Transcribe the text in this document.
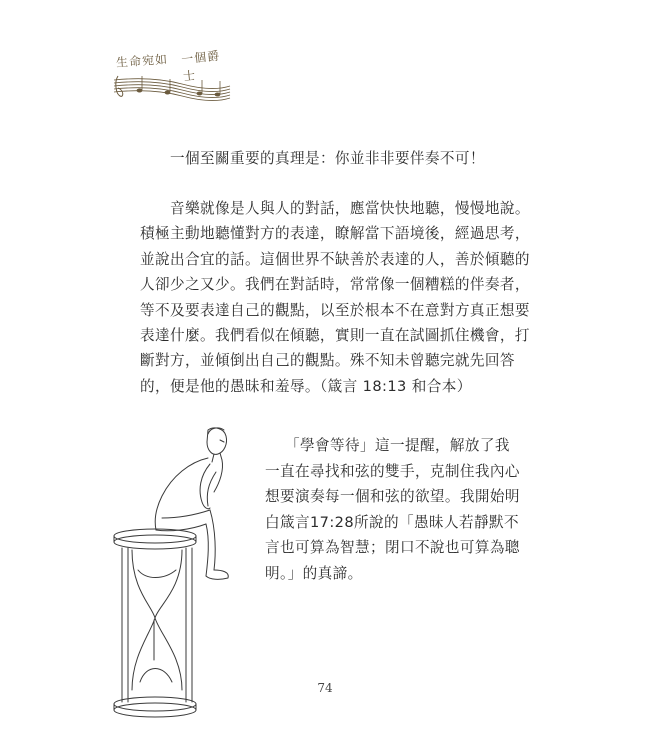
生命宛如 一個爵士

一個至關重要的真理是：你並非非要伴奏不可！

音樂就像是人與人的對話，應當快快地聽，慢慢地說。
積極主動地聽懂對方的表達，瞭解當下語境後，經過思考，
並說出合宜的話。這個世界不缺善於表達的人，善於傾聽的
人卻少之又少。我們在對話時，常常像一個糟糕的伴奏者，
等不及要表達自己的觀點，以至於根本不在意對方真正想要
表達什麼。我們看似在傾聽，實則一直在試圖抓住機會，打
斷對方，並傾倒出自己的觀點。殊不知未曾聽完就先回答
的，便是他的愚昧和羞辱。（箴言 18:13 和合本）
「學會等待」這一提醒，解放了我
一直在尋找和弦的雙手，克制住我內心
想要演奏每一個和弦的欲望。我開始明
白箴言17:28所說的「愚昧人若靜默不
言也可算為智慧；閉口不說也可算為聰
明。」的真諦。
74
